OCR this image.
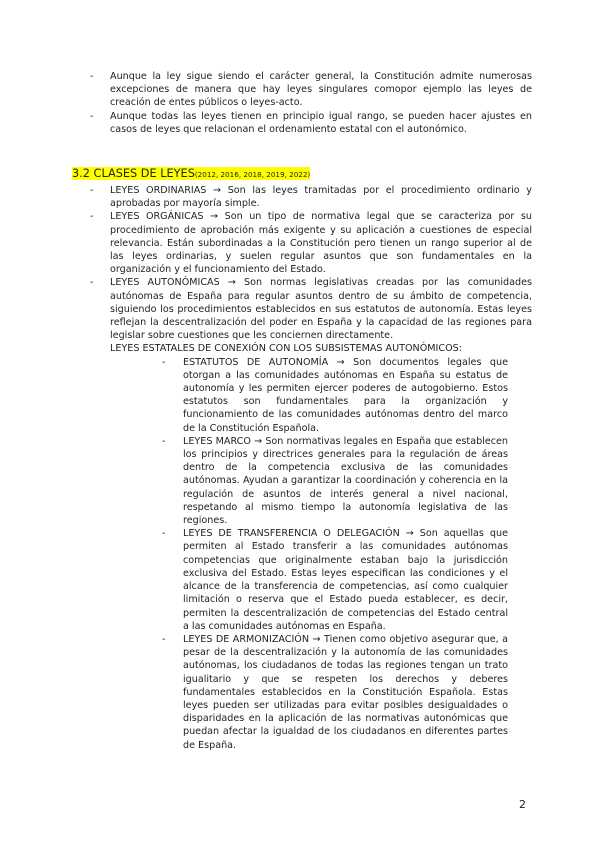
- Aunque la ley sigue siendo el carácter general, la Constitución admite numerosas excepciones de manera que hay leyes singulares comopor ejemplo las leyes de creación de entes públicos o leyes-acto.
- Aunque todas las leyes tienen en principio igual rango, se pueden hacer ajustes en casos de leyes que relacionan el ordenamiento estatal con el autonómico.
3.2 CLASES DE LEYES(2012, 2016, 2018, 2019, 2022)
- LEYES ORDINARIAS → Son las leyes tramitadas por el procedimiento ordinario y aprobadas por mayoría simple.
- LEYES ORGÁNICAS → Son un tipo de normativa legal que se caracteriza por su procedimiento de aprobación más exigente y su aplicación a cuestiones de especial relevancia. Están subordinadas a la Constitución pero tienen un rango superior al de las leyes ordinarias, y suelen regular asuntos que son fundamentales en la organización y el funcionamiento del Estado.
- LEYES AUTONÓMICAS → Son normas legislativas creadas por las comunidades autónomas de España para regular asuntos dentro de su ámbito de competencia, siguiendo los procedimientos establecidos en sus estatutos de autonomía. Estas leyes reflejan la descentralización del poder en España y la capacidad de las regiones para legislar sobre cuestiones que les conciernen directamente.
LEYES ESTATALES DE CONEXIÓN CON LOS SUBSISTEMAS AUTONÓMICOS:
- ESTATUTOS DE AUTONOMÍA → Son documentos legales que otorgan a las comunidades autónomas en España su estatus de autonomía y les permiten ejercer poderes de autogobierno. Estos estatutos son fundamentales para la organización y funcionamiento de las comunidades autónomas dentro del marco de la Constitución Española.
- LEYES MARCO → Son normativas legales en España que establecen los principios y directrices generales para la regulación de áreas dentro de la competencia exclusiva de las comunidades autónomas. Ayudan a garantizar la coordinación y coherencia en la regulación de asuntos de interés general a nivel nacional, respetando al mismo tiempo la autonomía legislativa de las regiones.
- LEYES DE TRANSFERENCIA O DELEGACIÓN → Son aquellas que permiten al Estado transferir a las comunidades autónomas competencias que originalmente estaban bajo la jurisdicción exclusiva del Estado. Estas leyes especifican las condiciones y el alcance de la transferencia de competencias, así como cualquier limitación o reserva que el Estado pueda establecer, es decir, permiten la descentralización de competencias del Estado central a las comunidades autónomas en España.
- LEYES DE ARMONIZACIÓN → Tienen como objetivo asegurar que, a pesar de la descentralización y la autonomía de las comunidades autónomas, los ciudadanos de todas las regiones tengan un trato igualitario y que se respeten los derechos y deberes fundamentales establecidos en la Constitución Española. Estas leyes pueden ser utilizadas para evitar posibles desigualdades o disparidades en la aplicación de las normativas autonómicas que puedan afectar la igualdad de los ciudadanos en diferentes partes de España.
2
